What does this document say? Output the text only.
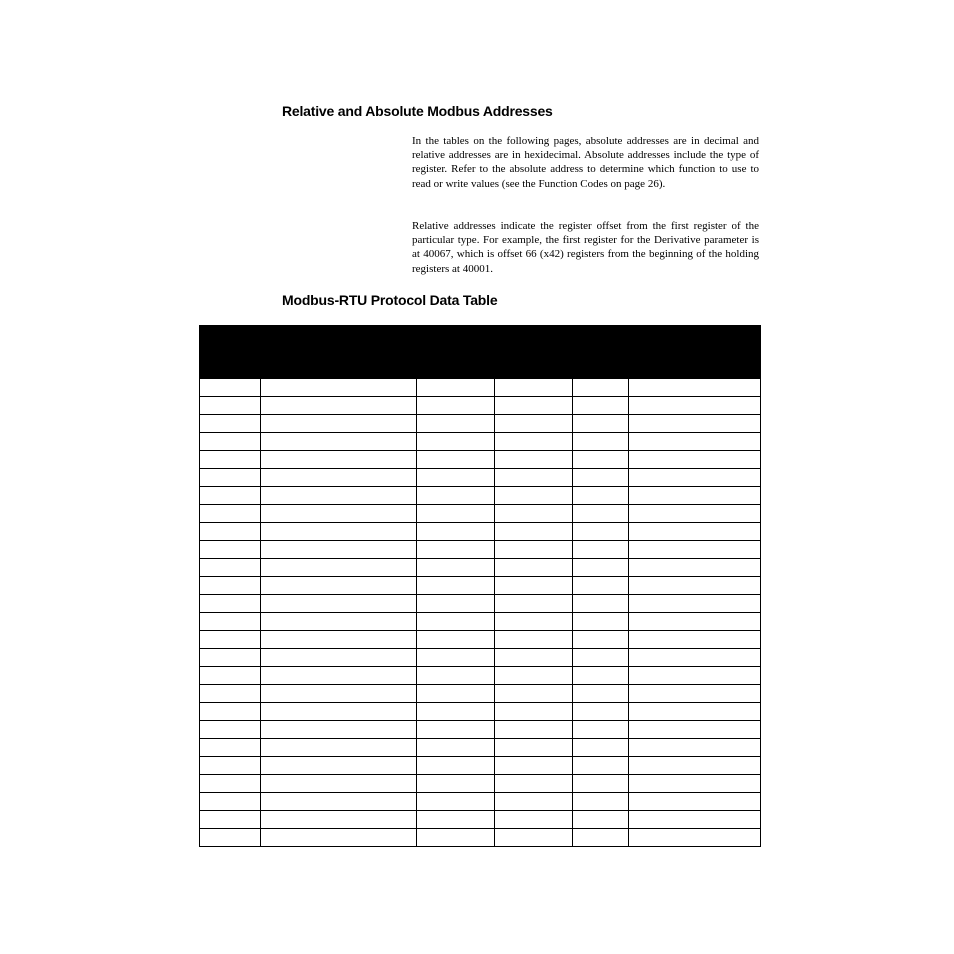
Relative and Absolute Modbus Addresses

In the tables on the following pages, absolute addresses are in decimal and relative addresses are in hexidecimal. Absolute addresses include the type of register. Refer to the absolute address to determine which function to use to read or write values (see the Function Codes on page 26).

Relative addresses indicate the register offset from the first register of the particular type. For example, the first register for the Derivative parameter is at 40067, which is offset 66 (x42) registers from the beginning of the holding registers at 40001.

Modbus-RTU Protocol Data Table
